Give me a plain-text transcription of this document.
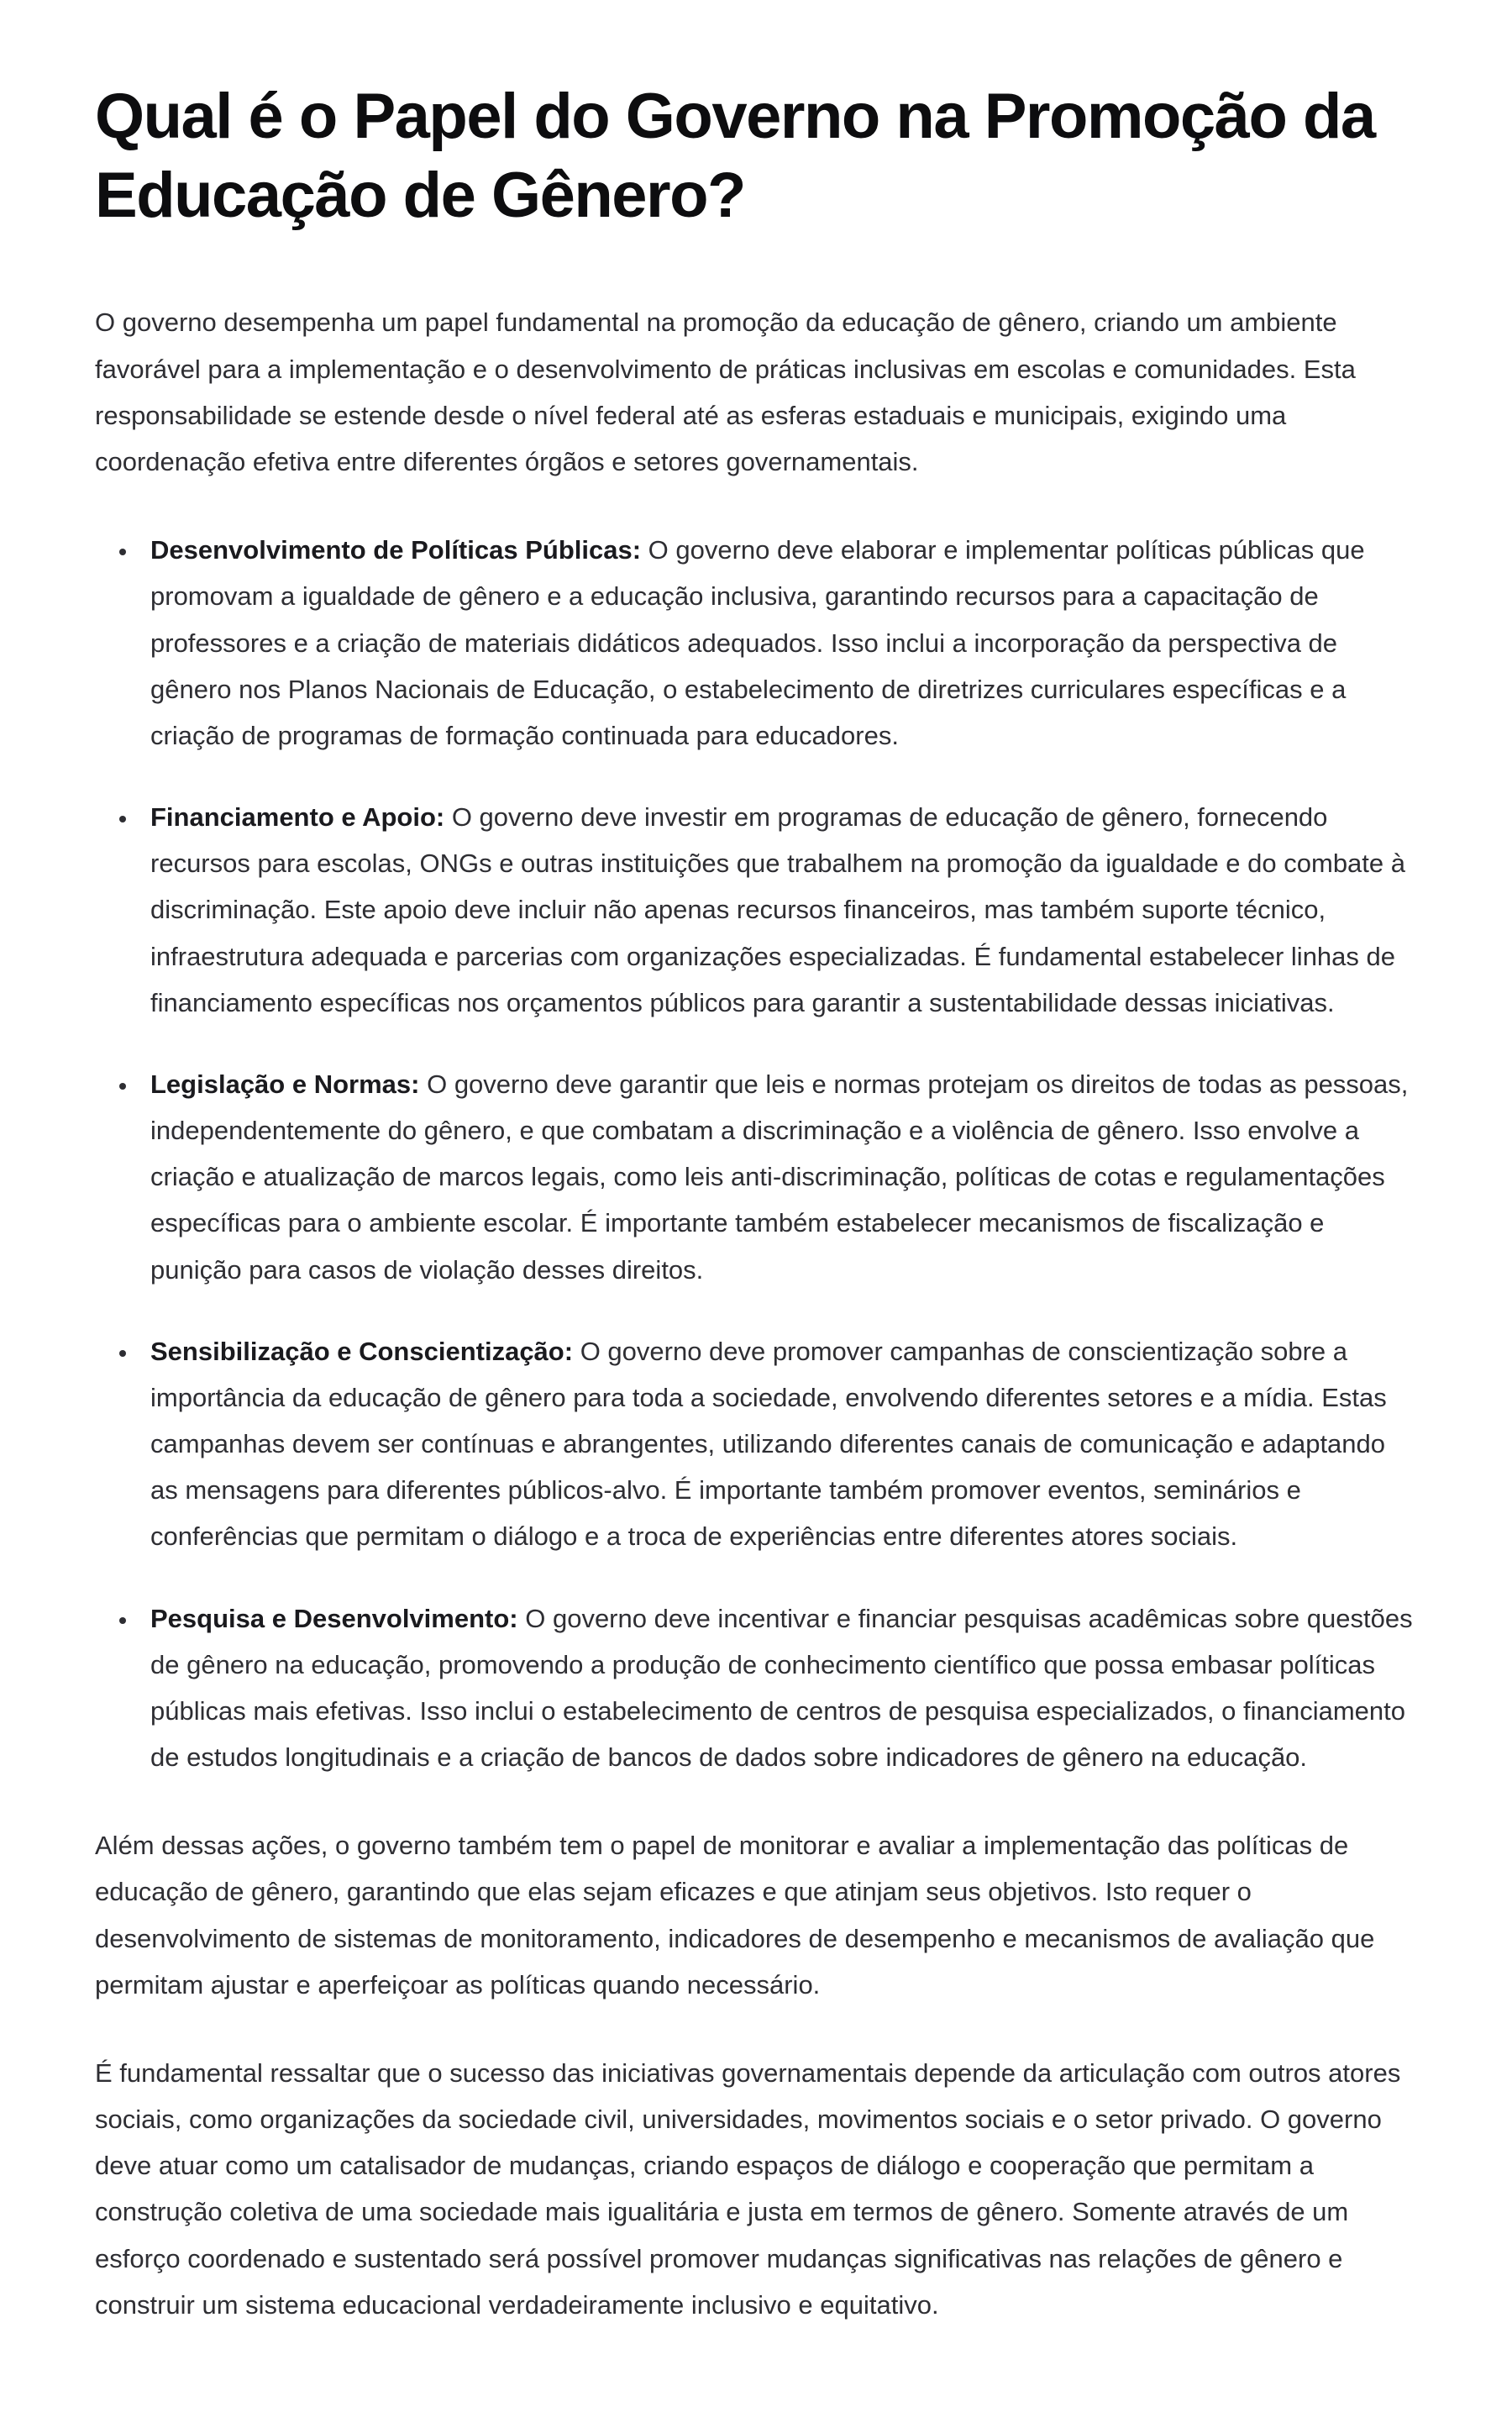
Qual é o Papel do Governo na Promoção da Educação de Gênero?

O governo desempenha um papel fundamental na promoção da educação de gênero, criando um ambiente favorável para a implementação e o desenvolvimento de práticas inclusivas em escolas e comunidades. Esta responsabilidade se estende desde o nível federal até as esferas estaduais e municipais, exigindo uma coordenação efetiva entre diferentes órgãos e setores governamentais.

• Desenvolvimento de Políticas Públicas: O governo deve elaborar e implementar políticas públicas que promovam a igualdade de gênero e a educação inclusiva, garantindo recursos para a capacitação de professores e a criação de materiais didáticos adequados. Isso inclui a incorporação da perspectiva de gênero nos Planos Nacionais de Educação, o estabelecimento de diretrizes curriculares específicas e a criação de programas de formação continuada para educadores.
• Financiamento e Apoio: O governo deve investir em programas de educação de gênero, fornecendo recursos para escolas, ONGs e outras instituições que trabalhem na promoção da igualdade e do combate à discriminação. Este apoio deve incluir não apenas recursos financeiros, mas também suporte técnico, infraestrutura adequada e parcerias com organizações especializadas. É fundamental estabelecer linhas de financiamento específicas nos orçamentos públicos para garantir a sustentabilidade dessas iniciativas.
• Legislação e Normas: O governo deve garantir que leis e normas protejam os direitos de todas as pessoas, independentemente do gênero, e que combatam a discriminação e a violência de gênero. Isso envolve a criação e atualização de marcos legais, como leis anti-discriminação, políticas de cotas e regulamentações específicas para o ambiente escolar. É importante também estabelecer mecanismos de fiscalização e punição para casos de violação desses direitos.
• Sensibilização e Conscientização: O governo deve promover campanhas de conscientização sobre a importância da educação de gênero para toda a sociedade, envolvendo diferentes setores e a mídia. Estas campanhas devem ser contínuas e abrangentes, utilizando diferentes canais de comunicação e adaptando as mensagens para diferentes públicos-alvo. É importante também promover eventos, seminários e conferências que permitam o diálogo e a troca de experiências entre diferentes atores sociais.
• Pesquisa e Desenvolvimento: O governo deve incentivar e financiar pesquisas acadêmicas sobre questões de gênero na educação, promovendo a produção de conhecimento científico que possa embasar políticas públicas mais efetivas. Isso inclui o estabelecimento de centros de pesquisa especializados, o financiamento de estudos longitudinais e a criação de bancos de dados sobre indicadores de gênero na educação.

Além dessas ações, o governo também tem o papel de monitorar e avaliar a implementação das políticas de educação de gênero, garantindo que elas sejam eficazes e que atinjam seus objetivos. Isto requer o desenvolvimento de sistemas de monitoramento, indicadores de desempenho e mecanismos de avaliação que permitam ajustar e aperfeiçoar as políticas quando necessário.

É fundamental ressaltar que o sucesso das iniciativas governamentais depende da articulação com outros atores sociais, como organizações da sociedade civil, universidades, movimentos sociais e o setor privado. O governo deve atuar como um catalisador de mudanças, criando espaços de diálogo e cooperação que permitam a construção coletiva de uma sociedade mais igualitária e justa em termos de gênero. Somente através de um esforço coordenado e sustentado será possível promover mudanças significativas nas relações de gênero e construir um sistema educacional verdadeiramente inclusivo e equitativo.
